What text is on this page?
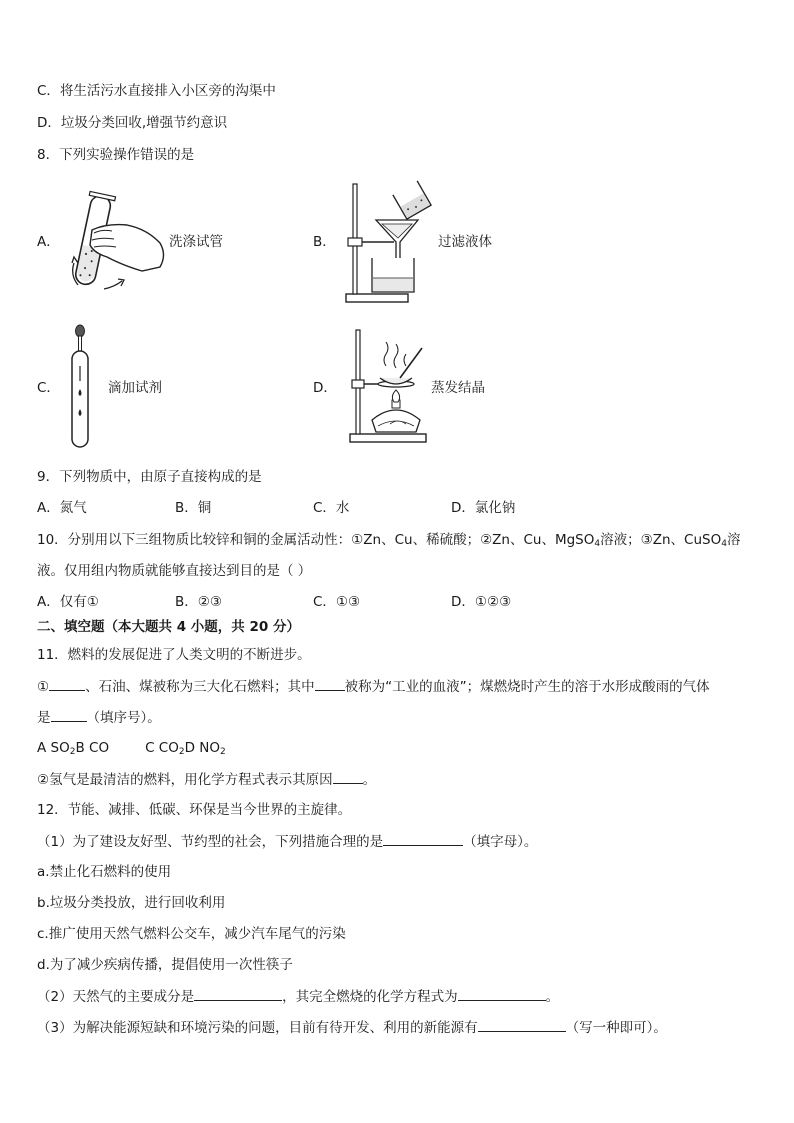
C．将生活污水直接排入小区旁的沟渠中
D．垃圾分类回收,增强节约意识
8．下列实验操作错误的是
A．	洗涤试管	B．	过滤液体
C．	滴加试剂	D．	蒸发结晶
9．下列物质中，由原子直接构成的是
A．氮气	B．铜	C．水	D．氯化钠
10．分别用以下三组物质比较锌和铜的金属活动性：①Zn、Cu、稀硫酸；②Zn、Cu、MgSO$_4$溶液；③Zn、CuSO$_4$溶
液。仅用组内物质就能够直接达到目的是（ ）
A．仅有①	B．②③	C．①③	D．①②③
二、填空题（本大题共 4 小题，共 20 分）
11．燃料的发展促进了人类文明的不断进步。
①	、石油、煤被称为三大化石燃料；其中 被称为“工业的血液”；煤燃烧时产生的溶于水形成酸雨的气体
是	（填序号）。
A $SO_2B$ CO	C $CO_2D$ $NO_2$
②氢气是最清洁的燃料，用化学方程式表示其原因 。
12．节能、减排、低碳、环保是当今世界的主旋律。
（1）为了建设友好型、节约型的社会，下列措施合理的是	（填字母）。
a.禁止化石燃料的使用
b.垃圾分类投放，进行回收利用
c.推广使用天然气燃料公交车，减少汽车尾气的污染
d.为了减少疾病传播，提倡使用一次性筷子
（2）天然气的主要成分是	，其完全燃烧的化学方程式为	。
（3）为解决能源短缺和环境污染的问题，目前有待开发、利用的新能源有	（写一种即可）。
